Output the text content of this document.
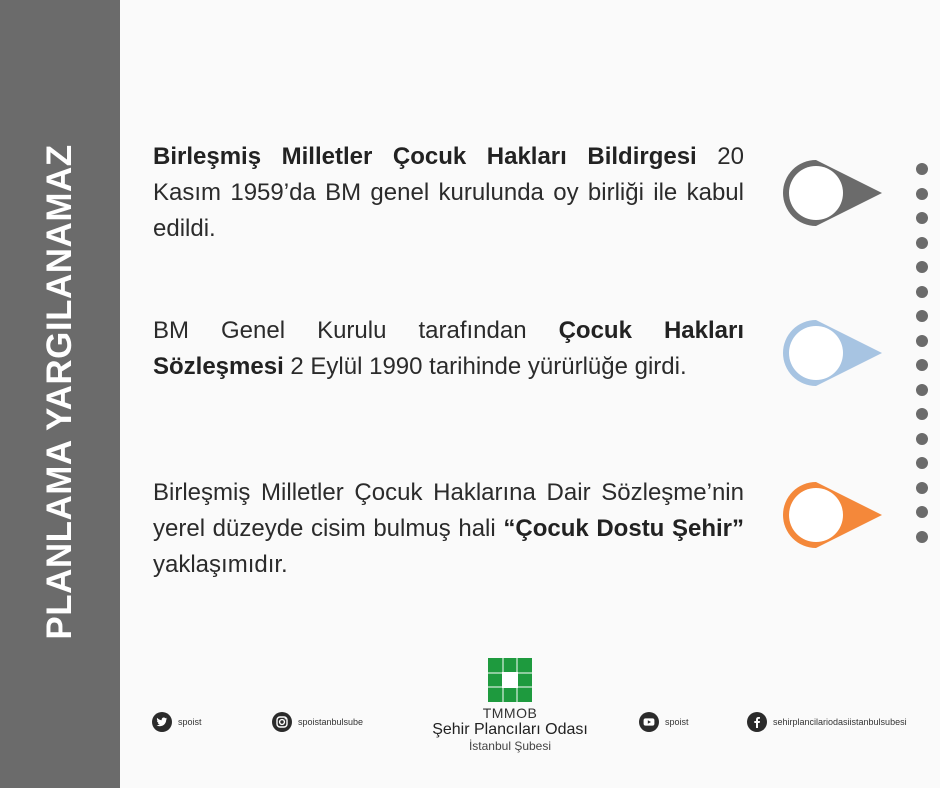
PLANLAMA YARGILANAMAZ	Birleşmiş Milletler Çocuk Hakları Bildirgesi 20 Kasım 1959’da BM genel kurulunda oy birliği ile kabul edildi.
BM Genel Kurulu tarafından Çocuk Hakları Sözleşmesi 2 Eylül 1990 tarihinde yürürlüğe girdi.
Birleşmiş Milletler Çocuk Haklarına Dair Sözleşme’nin yerel düzeyde cisim bulmuş hali “Çocuk Dostu Şehir” yaklaşımıdır.
spoist	spoistanbulsube
TMMOB
Şehir Plancıları Odası
İstanbul Şubesi
spoist	sehirplancilariodasiistanbulsubesi
